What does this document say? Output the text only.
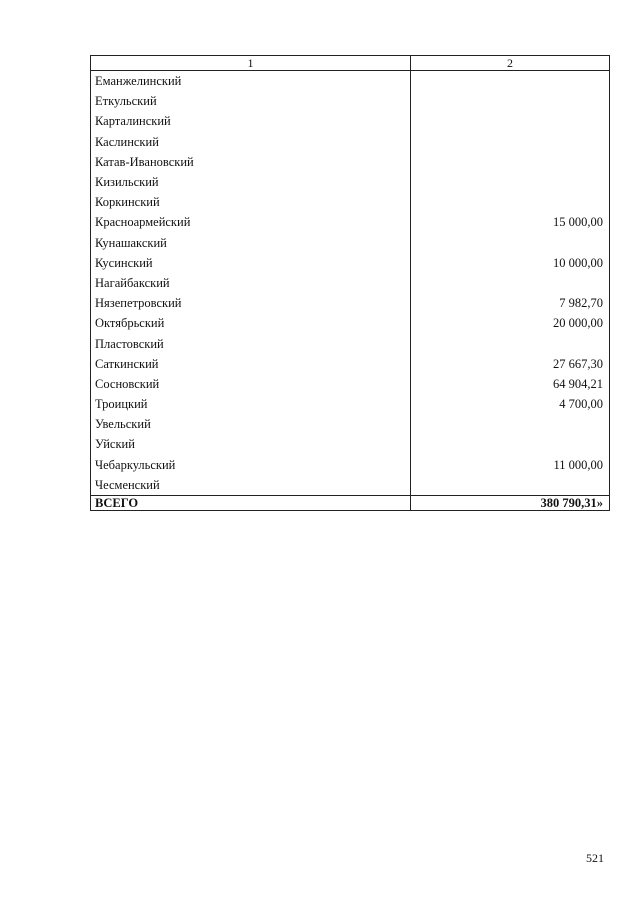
1	2
Еманжелинский	
Еткульский	
Карталинский	
Каслинский	
Катав-Ивановский	
Кизильский	
Коркинский	
Красноармейский	15 000,00
Кунашакский	
Кусинский	10 000,00
Нагайбакский	
Нязепетровский	7 982,70
Октябрьский	20 000,00
Пластовский	
Саткинский	27 667,30
Сосновский	64 904,21
Троицкий	4 700,00
Увельский	
Уйский	
Чебаркульский	11 000,00
Чесменский	
ВСЕГО	380 790,31»
521
